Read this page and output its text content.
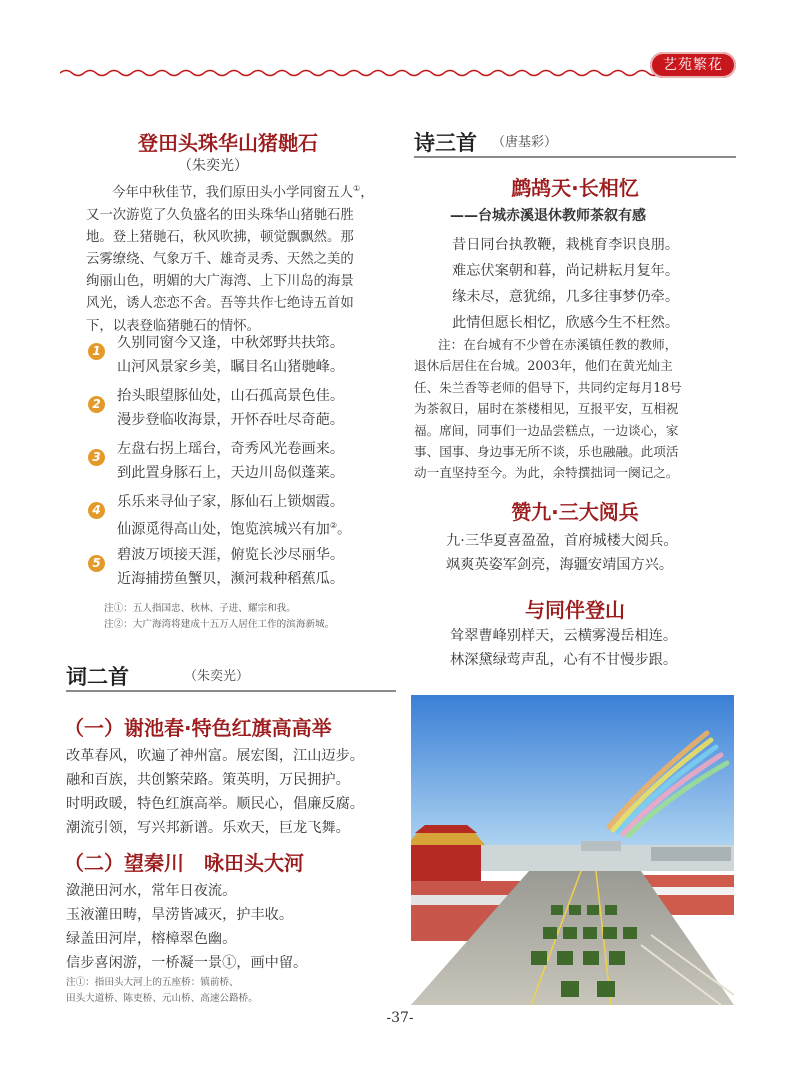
艺苑繁花
登田头珠华山猪毑石
（朱奕光）
今年中秋佳节，我们原田头小学同窗五人①，
又一次游览了久负盛名的田头珠华山猪毑石胜
地。登上猪毑石，秋风吹拂，顿觉飘飘然。那
云雾缭绕、气象万千、雄奇灵秀、天然之美的
绚丽山色，明媚的大广海湾、上下川岛的海景
风光，诱人恋恋不舍。吾等共作七绝诗五首如
下，以表登临猪毑石的情怀。
1	久别同窗今又逢，中秋郊野共扶筇。
山河风景家乡美，瞩目名山猪毑峰。
2	抬头眼望豚仙处，山石孤高景色佳。
漫步登临收海景，开怀吞吐尽奇葩。
3	左盘右拐上瑶台，奇秀风光卷画来。
到此置身豚石上，天边川岛似蓬莱。
4	乐乐来寻仙子家，豚仙石上锁烟霞。
仙源觅得高山处，饱览滨城兴有加②。
5	碧波万顷接天涯，俯览长沙尽丽华。
近海捕捞鱼蟹贝，濒河栽种稻蕉瓜。
注①：五人指国忠、秋林、子进、耀宗和我。
注②：大广海湾将建成十五万人居住工作的滨海新城。
词二首	（朱奕光）
（一）谢池春·特色红旗高高举
改革春风，吹遍了神州富。展宏图，江山迈步。
融和百族，共创繁荣路。策英明，万民拥护。
时明政暖，特色红旗高举。顺民心，倡廉反腐。
潮流引领，写兴邦新谱。乐欢天，巨龙飞舞。
（二）望秦川　咏田头大河
潋滟田河水，常年日夜流。
玉液灌田畴，旱涝皆减灭，护丰收。
绿盖田河岸，榕樟翠色幽。
信步喜闲游，一桥凝一景①，画中留。
注①：指田头大河上的五座桥：镇前桥、
田头大道桥、陈吏桥、元山桥、高速公路桥。
诗三首 （唐基彩）
鹧鸪天·长相忆
——台城赤溪退休教师茶叙有感
昔日同台执教鞭，栽桃育李识良朋。
难忘伏案朝和暮，尚记耕耘月复年。
缘未尽，意犹绵，几多往事梦仍牵。
此情但愿长相忆，欣感今生不枉然。
注：在台城有不少曾在赤溪镇任教的教师，
退休后居住在台城。2003年，他们在黄光灿主
任、朱兰香等老师的倡导下，共同约定每月18号
为茶叙日，届时在茶楼相见，互报平安，互相祝
福。席间，同事们一边品尝糕点，一边谈心，家
事、国事、身边事无所不谈，乐也融融。此项活
动一直坚持至今。为此，余特撰拙词一阕记之。
赞九·三大阅兵
九·三华夏喜盈盈，首府城楼大阅兵。
飒爽英姿军剑亮，海疆安靖国方兴。
与同伴登山
耸翠曹峰别样天，云横雾漫岳相连。
林深黛绿莺声乱，心有不甘慢步跟。
-37-
